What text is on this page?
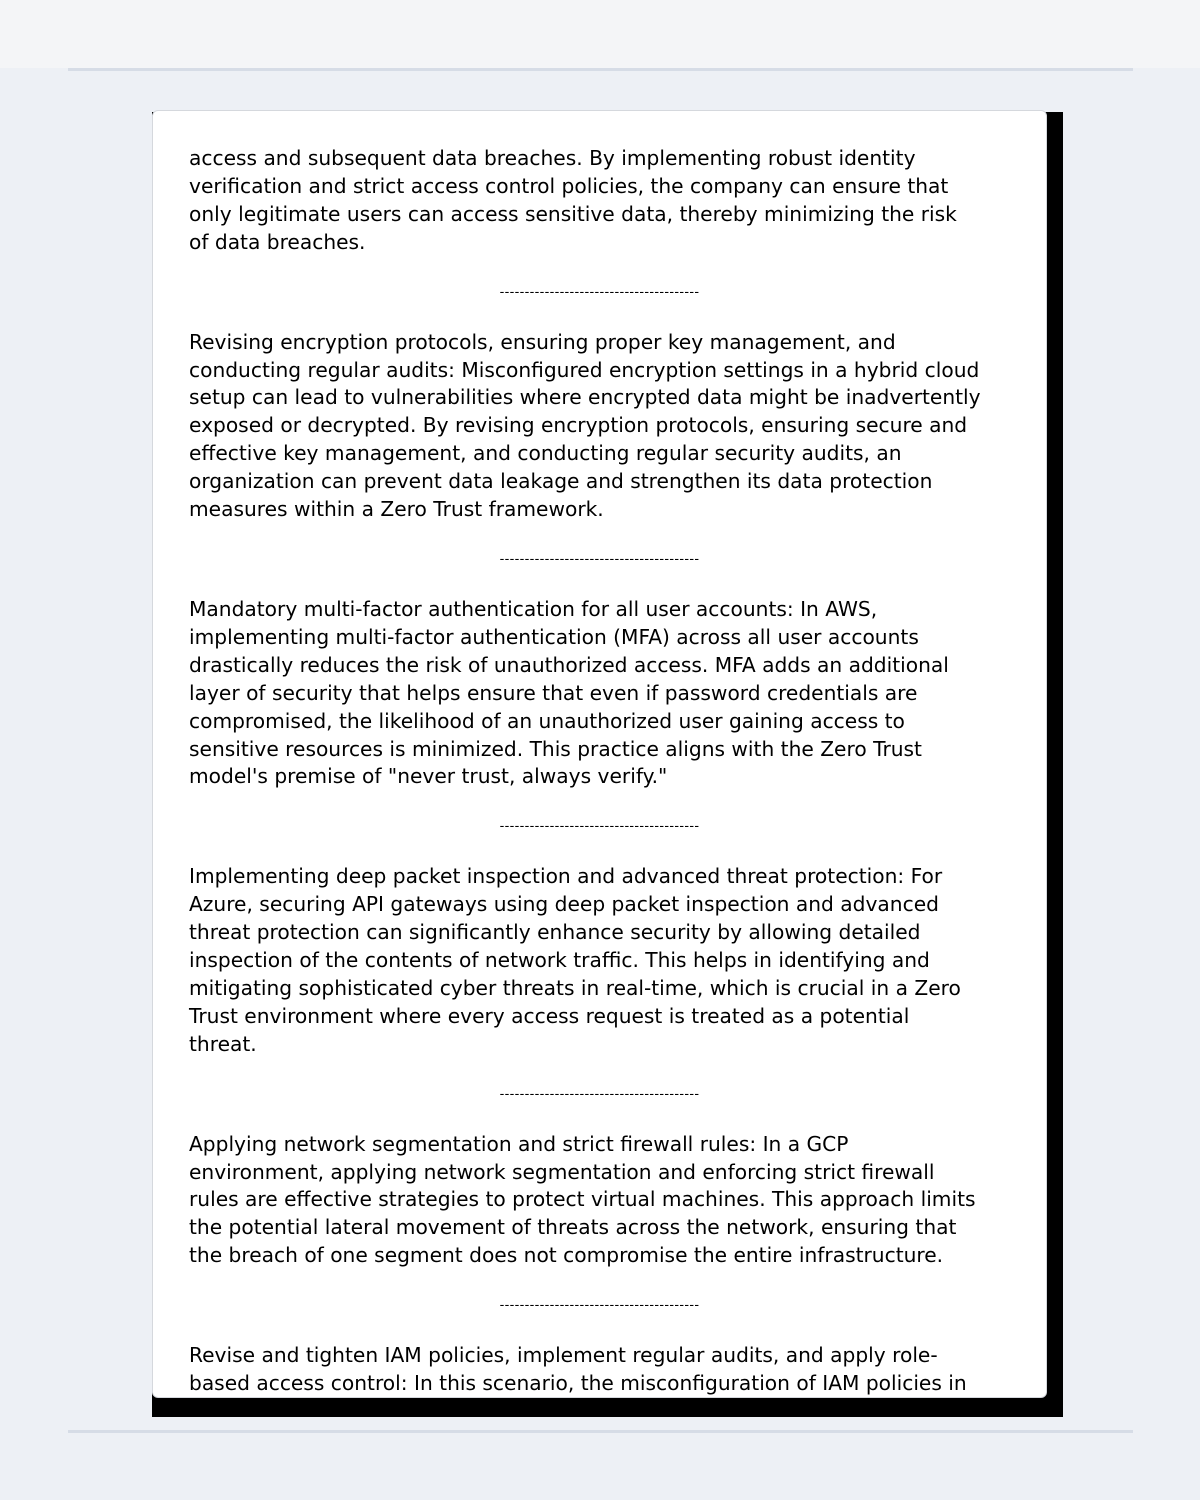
access and subsequent data breaches. By implementing robust identity
verification and strict access control policies, the company can ensure that
only legitimate users can access sensitive data, thereby minimizing the risk
of data breaches.
----------------------------------------
Revising encryption protocols, ensuring proper key management, and
conducting regular audits: Misconfigured encryption settings in a hybrid cloud
setup can lead to vulnerabilities where encrypted data might be inadvertently
exposed or decrypted. By revising encryption protocols, ensuring secure and
effective key management, and conducting regular security audits, an
organization can prevent data leakage and strengthen its data protection
measures within a Zero Trust framework.
----------------------------------------
Mandatory multi-factor authentication for all user accounts: In AWS,
implementing multi-factor authentication (MFA) across all user accounts
drastically reduces the risk of unauthorized access. MFA adds an additional
layer of security that helps ensure that even if password credentials are
compromised, the likelihood of an unauthorized user gaining access to
sensitive resources is minimized. This practice aligns with the Zero Trust
model's premise of "never trust, always verify."
----------------------------------------
Implementing deep packet inspection and advanced threat protection: For
Azure, securing API gateways using deep packet inspection and advanced
threat protection can significantly enhance security by allowing detailed
inspection of the contents of network traffic. This helps in identifying and
mitigating sophisticated cyber threats in real-time, which is crucial in a Zero
Trust environment where every access request is treated as a potential
threat.
----------------------------------------
Applying network segmentation and strict firewall rules: In a GCP
environment, applying network segmentation and enforcing strict firewall
rules are effective strategies to protect virtual machines. This approach limits
the potential lateral movement of threats across the network, ensuring that
the breach of one segment does not compromise the entire infrastructure.
----------------------------------------
Revise and tighten IAM policies, implement regular audits, and apply role-
based access control: In this scenario, the misconfiguration of IAM policies in
